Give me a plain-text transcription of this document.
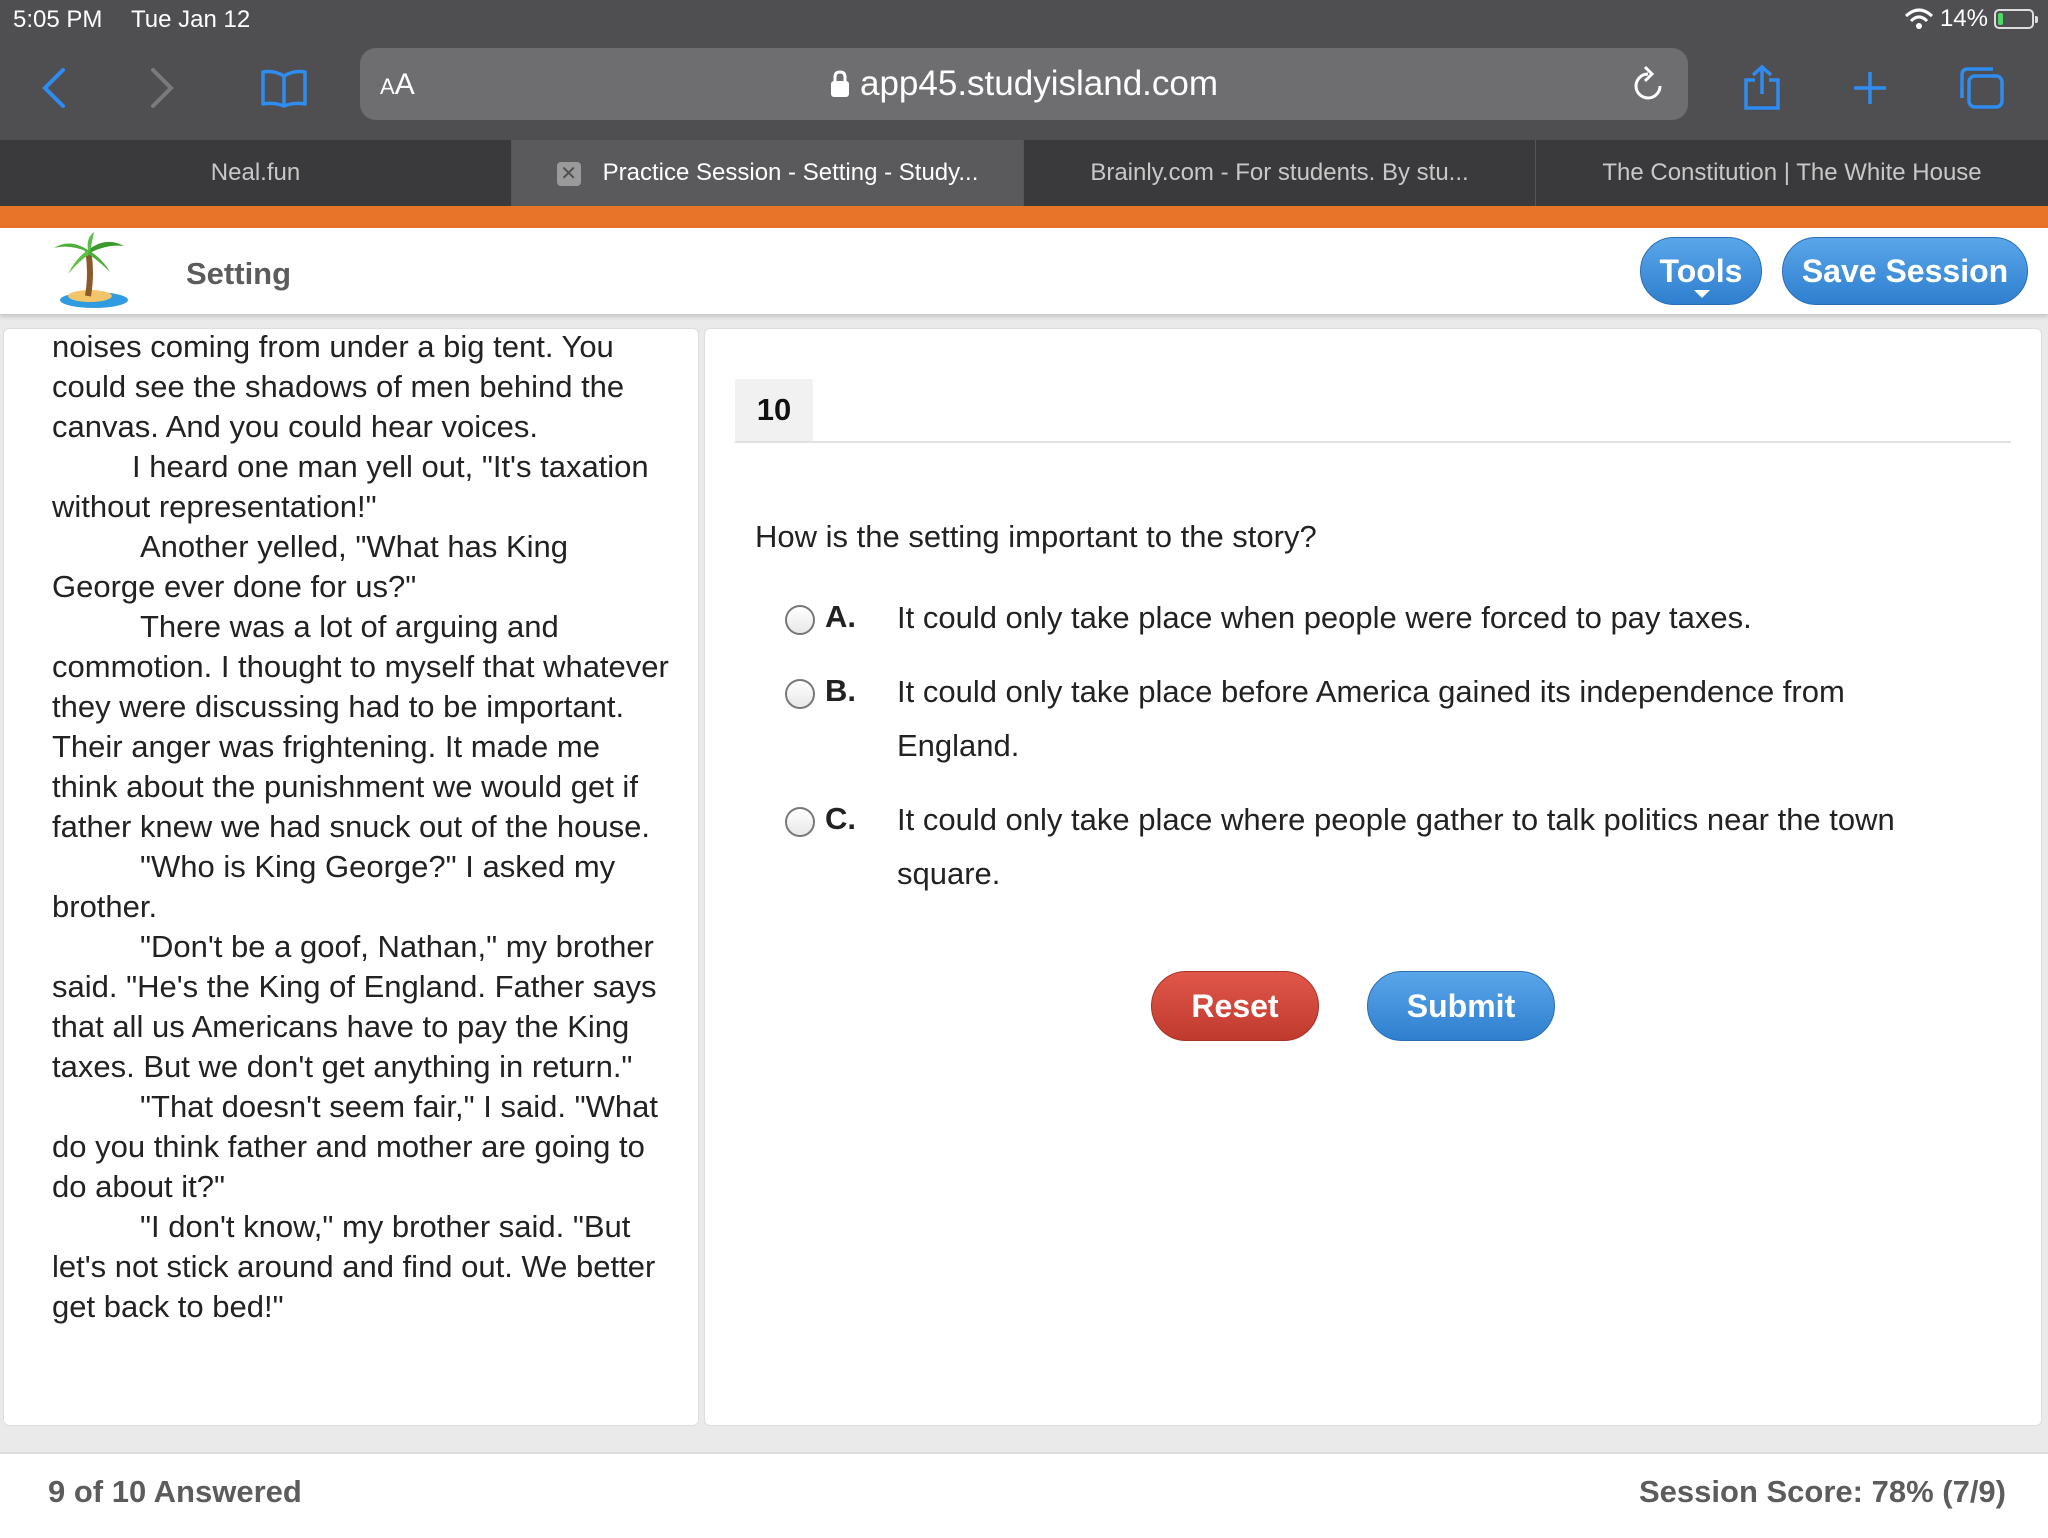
5:05 PM Tue Jan 12	14%
AA	app45.studyisland.com
Neal.fun	✕ Practice Session - Setting - Study...	Brainly.com - For students. By stu...	The Constitution | The White House
Setting	Tools	Save Session

noises coming from under a big tent. You could see the shadows of men behind the canvas. And you could hear voices.

I heard one man yell out, "It's taxation without representation!"

Another yelled, "What has King George ever done for us?"

There was a lot of arguing and commotion. I thought to myself that whatever they were discussing had to be important. Their anger was frightening. It made me think about the punishment we would get if father knew we had snuck out of the house.

"Who is King George?" I asked my brother.

"Don't be a goof, Nathan," my brother said. "He's the King of England. Father says that all us Americans have to pay the King taxes. But we don't get anything in return."

"That doesn't seem fair," I said. "What do you think father and mother are going to do about it?"

"I don't know," my brother said. "But let's not stick around and find out. We better get back to bed!"

10
How is the setting important to the story?
A. It could only take place when people were forced to pay taxes.
B. It could only take place before America gained its independence from England.
C. It could only take place where people gather to talk politics near the town square.
Reset	Submit
9 of 10 Answered	Session Score: 78% (7/9)
